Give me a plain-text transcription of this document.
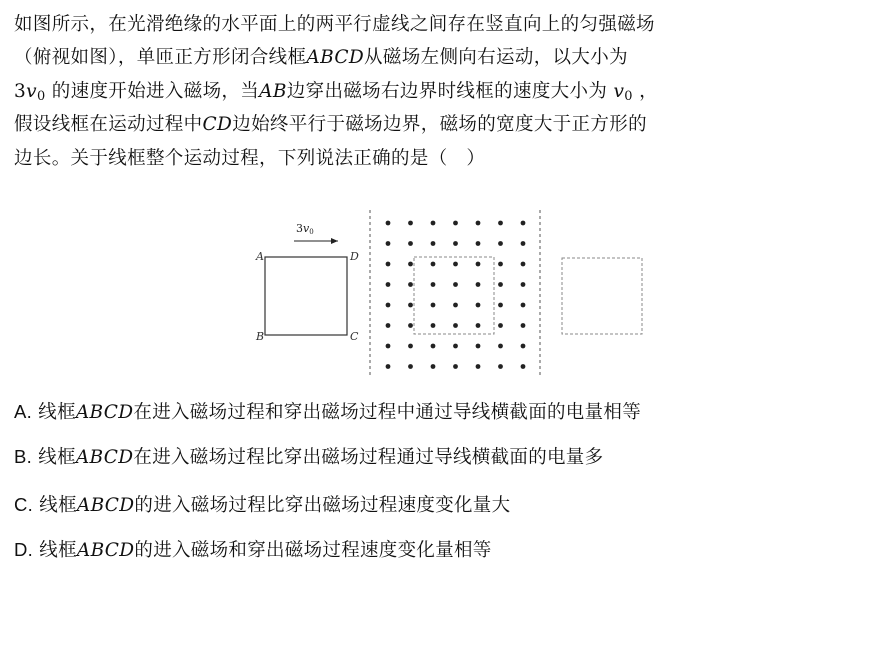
如图所示，在光滑绝缘的水平面上的两平行虚线之间存在竖直向上的匀强磁场
（俯视如图），单匝正方形闭合线框ABCD从磁场左侧向右运动，以大小为
$3v_0$ 的速度开始进入磁场，当AB边穿出磁场右边界时线框的速度大小为 $v_0$ ，
假设线框在运动过程中CD边始终平行于磁场边界，磁场的宽度大于正方形的
边长。关于线框整个运动过程，下列说法正确的是（　）
3v0
A	D
B	C
A. 线框ABCD在进入磁场过程和穿出磁场过程中通过导线横截面的电量相等
B. 线框ABCD在进入磁场过程比穿出磁场过程通过导线横截面的电量多
C. 线框ABCD的进入磁场过程比穿出磁场过程速度变化量大
D. 线框ABCD的进入磁场和穿出磁场过程速度变化量相等
